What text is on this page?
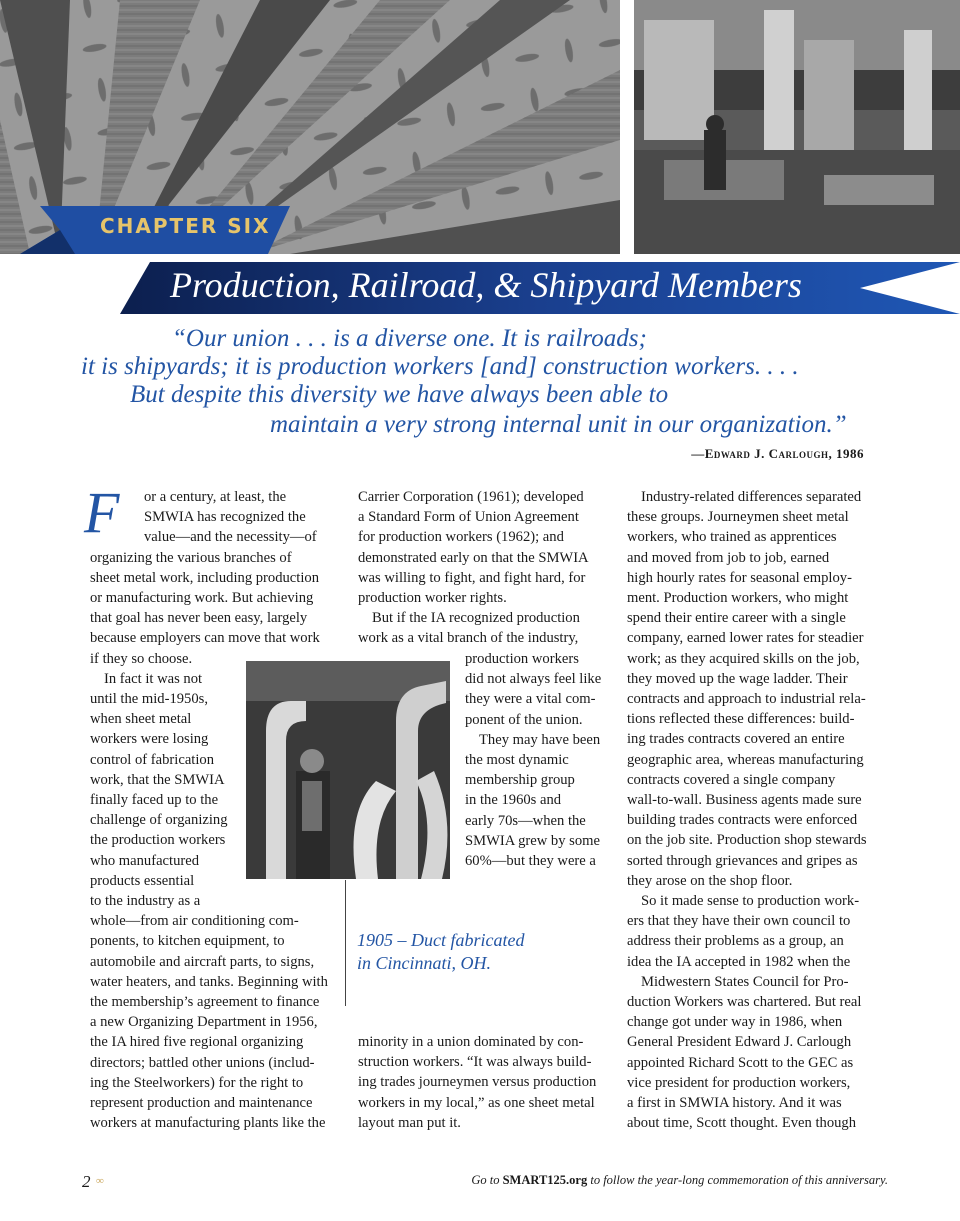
CHAPTER SIX
Production, Railroad, & Shipyard Members
“Our union . . . is a diverse one. It is railroads;
it is shipyards; it is production workers [and] construction workers. . . .
But despite this diversity we have always been able to
maintain a very strong internal unit in our organization.”
—Edward J. Carlough, 1986
F	or a century, at least, the

SMWIA has recognized the

value—and the necessity—of

organizing the various branches of

sheet metal work, including production

or manufacturing work. But achieving

that goal has never been easy, largely

because employers can move that work

if they so choose.

In fact it was not

until the mid-1950s,

when sheet metal

workers were losing

control of fabrication

work, that the SMWIA

finally faced up to the

challenge of organizing

the production workers

who manufactured

products essential

to the industry as a

whole—from air conditioning com-

ponents, to kitchen equipment, to

automobile and aircraft parts, to signs,

water heaters, and tanks. Beginning with

the membership’s agreement to finance

a new Organizing Department in 1956,

the IA hired five regional organizing

directors; battled other unions (includ-

ing the Steelworkers) for the right to

represent production and maintenance

workers at manufacturing plants like the

1905 – Duct fabricated
in Cincinnati, OH.

Carrier Corporation (1961); developed

a Standard Form of Union Agreement

for production workers (1962); and

demonstrated early on that the SMWIA

was willing to fight, and fight hard, for

production worker rights.

But if the IA recognized production

work as a vital branch of the industry,

production workers

did not always feel like

they were a vital com-

ponent of the union.

They may have been

the most dynamic

membership group

in the 1960s and

early 70s—when the

SMWIA grew by some

60%—but they were a

minority in a union dominated by con-

struction workers. “It was always build-

ing trades journeymen versus production

workers in my local,” as one sheet metal

layout man put it.

Industry-related differences separated

these groups. Journeymen sheet metal

workers, who trained as apprentices

and moved from job to job, earned

high hourly rates for seasonal employ-

ment. Production workers, who might

spend their entire career with a single

company, earned lower rates for steadier

work; as they acquired skills on the job,

they moved up the wage ladder. Their

contracts and approach to industrial rela-

tions reflected these differences: build-

ing trades contracts covered an entire

geographic area, whereas manufacturing

contracts covered a single company

wall-to-wall. Business agents made sure

building trades contracts were enforced

on the job site. Production shop stewards

sorted through grievances and gripes as

they arose on the shop floor.

So it made sense to production work-

ers that they have their own council to

address their problems as a group, an

idea the IA accepted in 1982 when the

Midwestern States Council for Pro-

duction Workers was chartered. But real

change got under way in 1986, when

General President Edward J. Carlough

appointed Richard Scott to the GEC as

vice president for production workers,

a first in SMWIA history. And it was

about time, Scott thought. Even though

2 ∞	Go to SMART125.org to follow the year-long commemoration of this anniversary.
